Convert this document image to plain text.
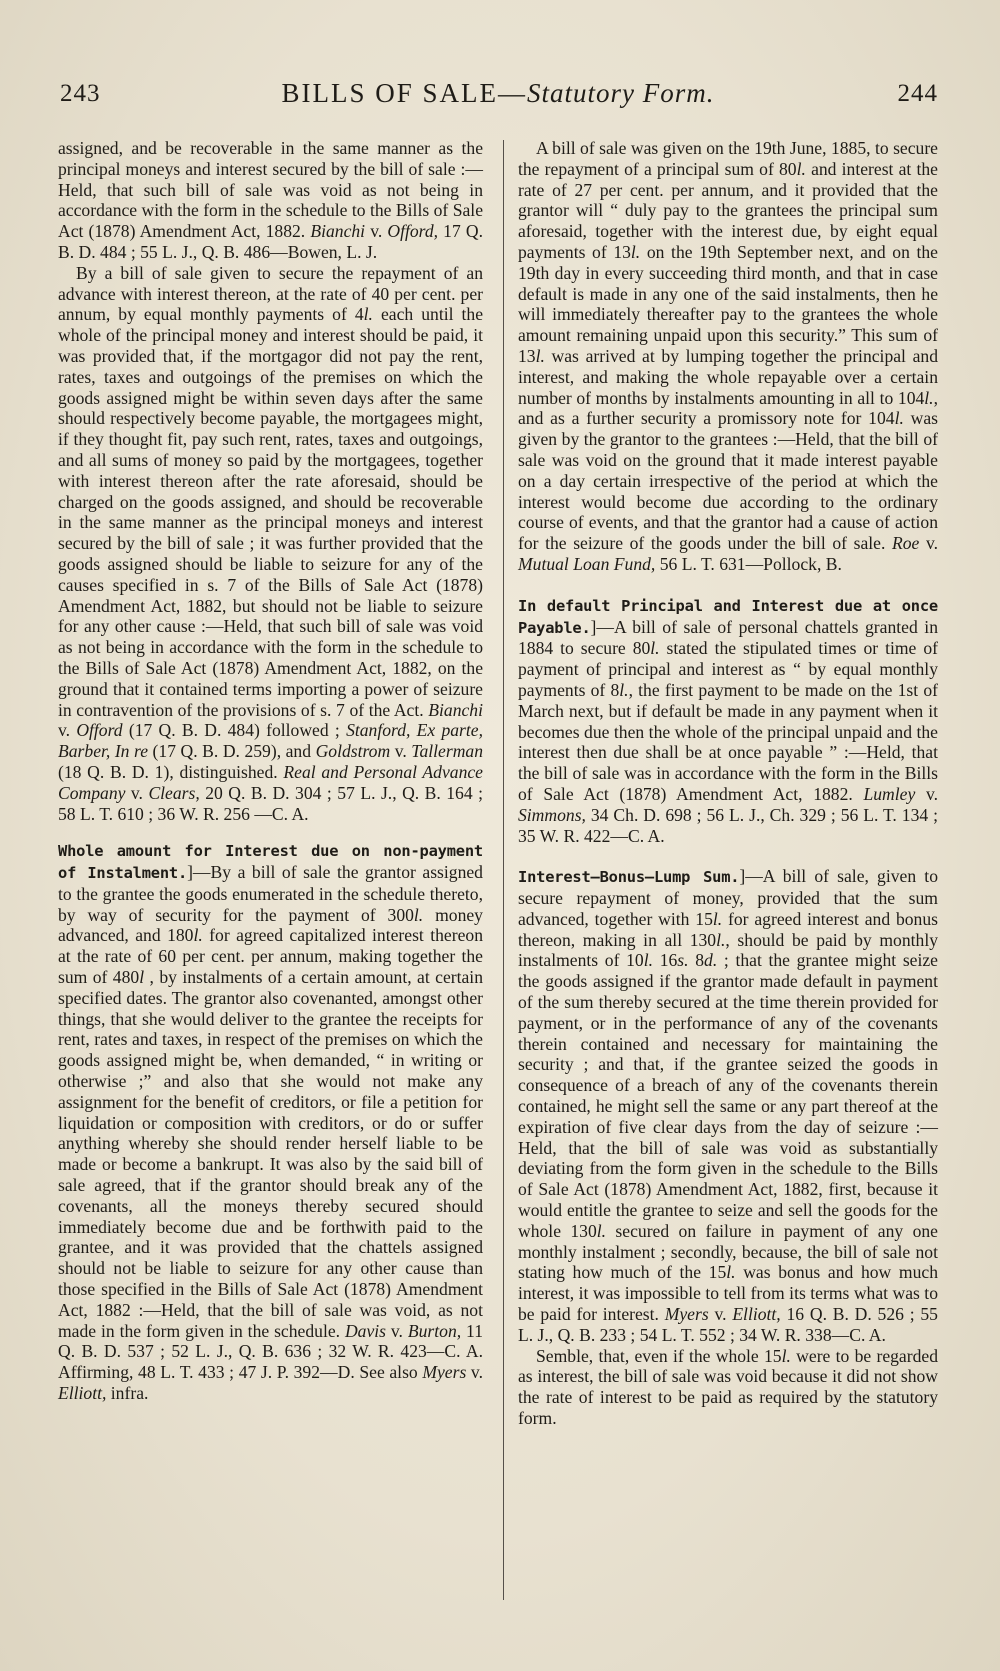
243	BILLS OF SALE—Statutory Form.	244

assigned, and be recoverable in the same manner as the principal moneys and interest secured by the bill of sale :—Held, that such bill of sale was void as not being in accordance with the form in the schedule to the Bills of Sale Act (1878) Amendment Act, 1882. Bianchi v. Offord, 17 Q. B. D. 484 ; 55 L. J., Q. B. 486—Bowen, L. J.

By a bill of sale given to secure the repayment of an advance with interest thereon, at the rate of 40 per cent. per annum, by equal monthly payments of 4l. each until the whole of the principal money and interest should be paid, it was provided that, if the mortgagor did not pay the rent, rates, taxes and outgoings of the premises on which the goods assigned might be within seven days after the same should respectively become payable, the mortgagees might, if they thought fit, pay such rent, rates, taxes and outgoings, and all sums of money so paid by the mortgagees, together with interest thereon after the rate aforesaid, should be charged on the goods assigned, and should be recoverable in the same manner as the principal moneys and interest secured by the bill of sale ; it was further provided that the goods assigned should be liable to seizure for any of the causes specified in s. 7 of the Bills of Sale Act (1878) Amendment Act, 1882, but should not be liable to seizure for any other cause :—Held, that such bill of sale was void as not being in accordance with the form in the schedule to the Bills of Sale Act (1878) Amendment Act, 1882, on the ground that it contained terms importing a power of seizure in contravention of the provisions of s. 7 of the Act. Bianchi v. Offord (17 Q. B. D. 484) followed ; Stanford, Ex parte, Barber, In re (17 Q. B. D. 259), and Goldstrom v. Tallerman (18 Q. B. D. 1), distinguished. Real and Personal Advance Company v. Clears, 20 Q. B. D. 304 ; 57 L. J., Q. B. 164 ; 58 L. T. 610 ; 36 W. R. 256 —C. A.

Whole amount for Interest due on non-payment of Instalment.]—By a bill of sale the grantor assigned to the grantee the goods enumerated in the schedule thereto, by way of security for the payment of 300l. money advanced, and 180l. for agreed capitalized interest thereon at the rate of 60 per cent. per annum, making together the sum of 480l , by instalments of a certain amount, at certain specified dates. The grantor also covenanted, amongst other things, that she would deliver to the grantee the receipts for rent, rates and taxes, in respect of the premises on which the goods assigned might be, when demanded, “ in writing or otherwise ;” and also that she would not make any assignment for the benefit of creditors, or file a petition for liquidation or composition with creditors, or do or suffer anything whereby she should render herself liable to be made or become a bankrupt. It was also by the said bill of sale agreed, that if the grantor should break any of the covenants, all the moneys thereby secured should immediately become due and be forthwith paid to the grantee, and it was provided that the chattels assigned should not be liable to seizure for any other cause than those specified in the Bills of Sale Act (1878) Amendment Act, 1882 :—Held, that the bill of sale was void, as not made in the form given in the schedule. Davis v. Burton, 11 Q. B. D. 537 ; 52 L. J., Q. B. 636 ; 32 W. R. 423—C. A. Affirming, 48 L. T. 433 ; 47 J. P. 392—D. See also Myers v. Elliott, infra.

A bill of sale was given on the 19th June, 1885, to secure the repayment of a principal sum of 80l. and interest at the rate of 27 per cent. per annum, and it provided that the grantor will “ duly pay to the grantees the principal sum aforesaid, together with the interest due, by eight equal payments of 13l. on the 19th September next, and on the 19th day in every succeeding third month, and that in case default is made in any one of the said instalments, then he will immediately thereafter pay to the grantees the whole amount remaining unpaid upon this security.” This sum of 13l. was arrived at by lumping together the principal and interest, and making the whole repayable over a certain number of months by instalments amounting in all to 104l., and as a further security a promissory note for 104l. was given by the grantor to the grantees :—Held, that the bill of sale was void on the ground that it made interest payable on a day certain irrespective of the period at which the interest would become due according to the ordinary course of events, and that the grantor had a cause of action for the seizure of the goods under the bill of sale. Roe v. Mutual Loan Fund, 56 L. T. 631—Pollock, B.

In default Principal and Interest due at once Payable.]—A bill of sale of personal chattels granted in 1884 to secure 80l. stated the stipulated times or time of payment of principal and interest as “ by equal monthly payments of 8l., the first payment to be made on the 1st of March next, but if default be made in any payment when it becomes due then the whole of the principal unpaid and the interest then due shall be at once payable ” :—Held, that the bill of sale was in accordance with the form in the Bills of Sale Act (1878) Amendment Act, 1882. Lumley v. Simmons, 34 Ch. D. 698 ; 56 L. J., Ch. 329 ; 56 L. T. 134 ; 35 W. R. 422—C. A.

Interest—Bonus—Lump Sum.]—A bill of sale, given to secure repayment of money, provided that the sum advanced, together with 15l. for agreed interest and bonus thereon, making in all 130l., should be paid by monthly instalments of 10l. 16s. 8d. ; that the grantee might seize the goods assigned if the grantor made default in payment of the sum thereby secured at the time therein provided for payment, or in the performance of any of the covenants therein contained and necessary for maintaining the security ; and that, if the grantee seized the goods in consequence of a breach of any of the covenants therein contained, he might sell the same or any part thereof at the expiration of five clear days from the day of seizure :—Held, that the bill of sale was void as substantially deviating from the form given in the schedule to the Bills of Sale Act (1878) Amendment Act, 1882, first, because it would entitle the grantee to seize and sell the goods for the whole 130l. secured on failure in payment of any one monthly instalment ; secondly, because, the bill of sale not stating how much of the 15l. was bonus and how much interest, it was impossible to tell from its terms what was to be paid for interest. Myers v. Elliott, 16 Q. B. D. 526 ; 55 L. J., Q. B. 233 ; 54 L. T. 552 ; 34 W. R. 338—C. A.

Semble, that, even if the whole 15l. were to be regarded as interest, the bill of sale was void because it did not show the rate of interest to be paid as required by the statutory form.
